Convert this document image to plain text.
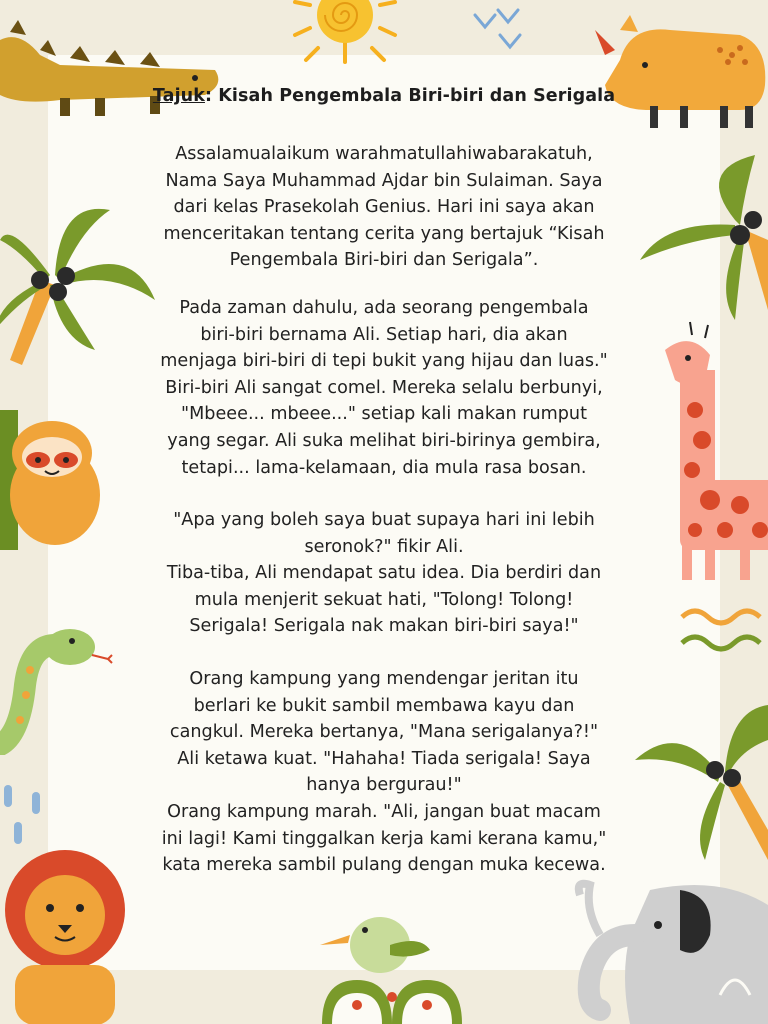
Tajuk: Kisah Pengembala Biri-biri dan Serigala
Assalamualaikum warahmatullahiwabarakatuh,
Nama Saya Muhammad Ajdar bin Sulaiman. Saya
dari kelas Prasekolah Genius. Hari ini saya akan
menceritakan tentang cerita yang bertajuk “Kisah
Pengembala Biri-biri dan Serigala”.
Pada zaman dahulu, ada seorang pengembala
biri-biri bernama Ali. Setiap hari, dia akan
menjaga biri-biri di tepi bukit yang hijau dan luas."
Biri-biri Ali sangat comel. Mereka selalu berbunyi,
"Mbeee... mbeee..." setiap kali makan rumput
yang segar. Ali suka melihat biri-birinya gembira,
tetapi... lama-kelamaan, dia mula rasa bosan.
"Apa yang boleh saya buat supaya hari ini lebih
seronok?" fikir Ali.
Tiba-tiba, Ali mendapat satu idea. Dia berdiri dan
mula menjerit sekuat hati, "Tolong! Tolong!
Serigala! Serigala nak makan biri-biri saya!"
Orang kampung yang mendengar jeritan itu
berlari ke bukit sambil membawa kayu dan
cangkul. Mereka bertanya, "Mana serigalanya?!"
Ali ketawa kuat. "Hahaha! Tiada serigala! Saya
hanya bergurau!"
Orang kampung marah. "Ali, jangan buat macam
ini lagi! Kami tinggalkan kerja kami kerana kamu,"
kata mereka sambil pulang dengan muka kecewa.
